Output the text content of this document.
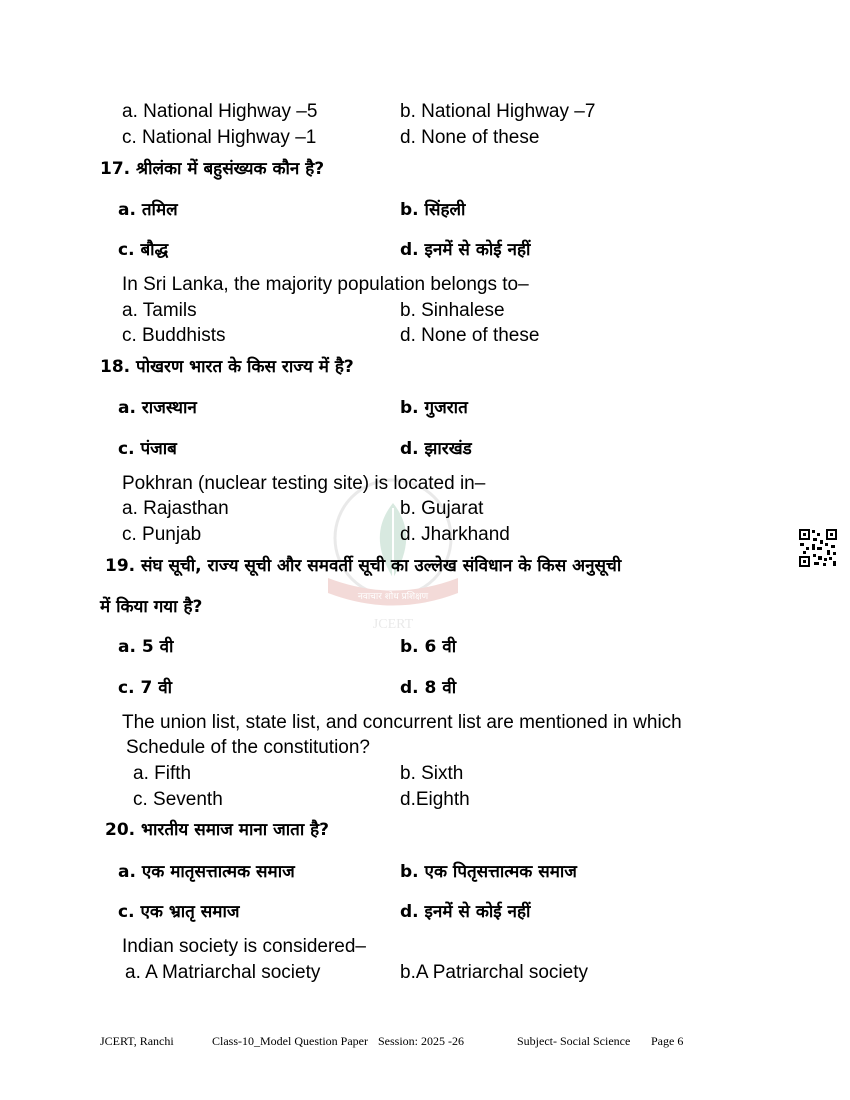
नवाचार शोध प्रशिक्षण
JCERT
a. National Highway –5	b. National Highway –7
c. National Highway –1	d. None of these
17. श्रीलंका में बहुसंख्यक कौन है?
a. तमिल	b. सिंहली
c. बौद्ध	d. इनमें से कोई नहीं
In Sri Lanka, the majority population belongs to–
a. Tamils	b. Sinhalese
c. Buddhists	d. None of these
18. पोखरण भारत के किस राज्य में है?
a. राजस्थान	b. गुजरात
c. पंजाब	d. झारखंड
Pokhran (nuclear testing site) is located in–
a. Rajasthan	b. Gujarat
c. Punjab	d. Jharkhand
19. संघ सूची, राज्य सूची और समवर्ती सूची का उल्लेख संविधान के किस अनुसूची
में किया गया है?
a. 5 वी	b. 6 वी
c. 7 वी	d. 8 वी
The union list, state list, and concurrent list are mentioned in which
Schedule of the constitution?
a. Fifth	b. Sixth
c. Seventh	d.Eighth
20. भारतीय समाज माना जाता है?
a. एक मातृसत्तात्मक समाज	b. एक पितृसत्तात्मक समाज
c. एक भ्रातृ समाज	d. इनमें से कोई नहीं
Indian society is considered–
a. A Matriarchal society	b.A Patriarchal society
JCERT, Ranchi	Class-10_Model Question Paper Session: 2025 -26	Subject- Social Science Page 6
